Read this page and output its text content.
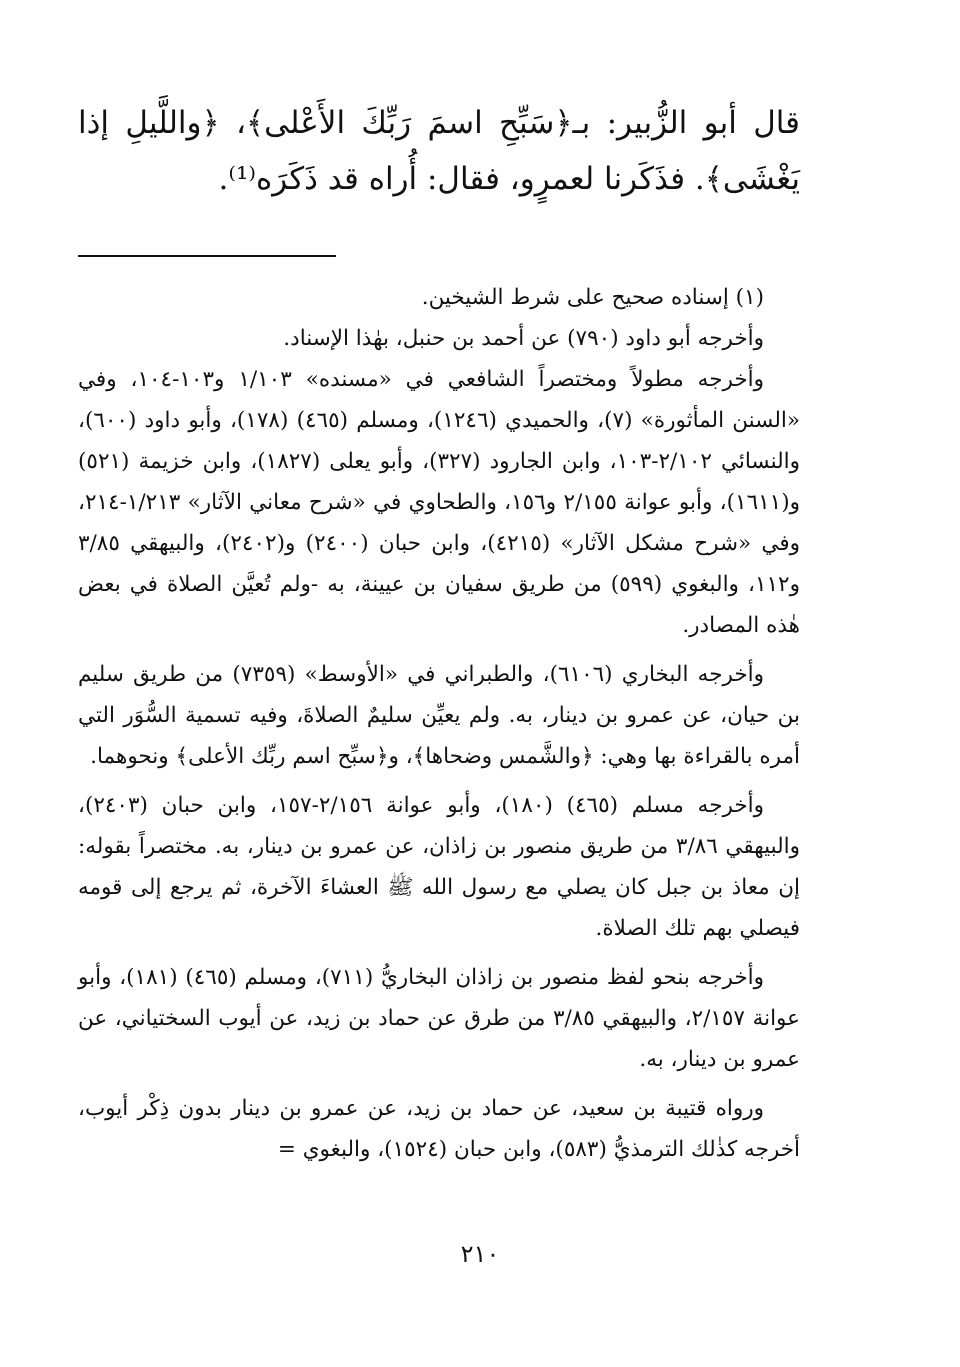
قال أبو الزُّبير: بـ﴿سَبِّحِ اسمَ رَبِّكَ الأَعْلى﴾، ﴿واللَّيلِ إذا يَغْشَى﴾. فذَكَرنا لعمرٍو، فقال: أُراه قد ذَكَرَه⁽¹⁾.

(١) إسناده صحيح على شرط الشيخين.

وأخرجه أبو داود (٧٩٠) عن أحمد بن حنبل، بهٰذا الإسناد.

وأخرجه مطولاً ومختصراً الشافعي في «مسنده» ١/١٠٣ و١٠٣-١٠٤، وفي «السنن المأثورة» (٧)، والحميدي (١٢٤٦)، ومسلم (٤٦٥) (١٧٨)، وأبو داود (٦٠٠)، والنسائي ٢/١٠٢-١٠٣، وابن الجارود (٣٢٧)، وأبو يعلى (١٨٢٧)، وابن خزيمة (٥٢١) و(١٦١١)، وأبو عوانة ٢/١٥٥ و١٥٦، والطحاوي في «شرح معاني الآثار» ١/٢١٣-٢١٤، وفي «شرح مشكل الآثار» (٤٢١٥)، وابن حبان (٢٤٠٠) و(٢٤٠٢)، والبيهقي ٣/٨٥ و١١٢، والبغوي (٥٩٩) من طريق سفيان بن عيينة، به -ولم تُعيَّن الصلاة في بعض هٰذه المصادر.

وأخرجه البخاري (٦١٠٦)، والطبراني في «الأوسط» (٧٣٥٩) من طريق سليم بن حيان، عن عمرو بن دينار، به. ولم يعيِّن سليمٌ الصلاةَ، وفيه تسمية السُّوَر التي أمره بالقراءة بها وهي: ﴿والشَّمس وضحاها﴾، و﴿سبِّح اسم ربِّك الأعلى﴾ ونحوهما.

وأخرجه مسلم (٤٦٥) (١٨٠)، وأبو عوانة ٢/١٥٦-١٥٧، وابن حبان (٢٤٠٣)، والبيهقي ٣/٨٦ من طريق منصور بن زاذان، عن عمرو بن دينار، به. مختصراً بقوله: إن معاذ بن جبل كان يصلي مع رسول الله ﷺ العشاءَ الآخرة، ثم يرجع إلى قومه فيصلي بهم تلك الصلاة.

وأخرجه بنحو لفظ منصور بن زاذان البخاريُّ (٧١١)، ومسلم (٤٦٥) (١٨١)، وأبو عوانة ٢/١٥٧، والبيهقي ٣/٨٥ من طرق عن حماد بن زيد، عن أيوب السختياني، عن عمرو بن دينار، به.

ورواه قتيبة بن سعيد، عن حماد بن زيد، عن عمرو بن دينار بدون ذِكْر أيوب، أخرجه كذٰلك الترمذيُّ (٥٨٣)، وابن حبان (١٥٢٤)، والبغوي =

٢١٠
